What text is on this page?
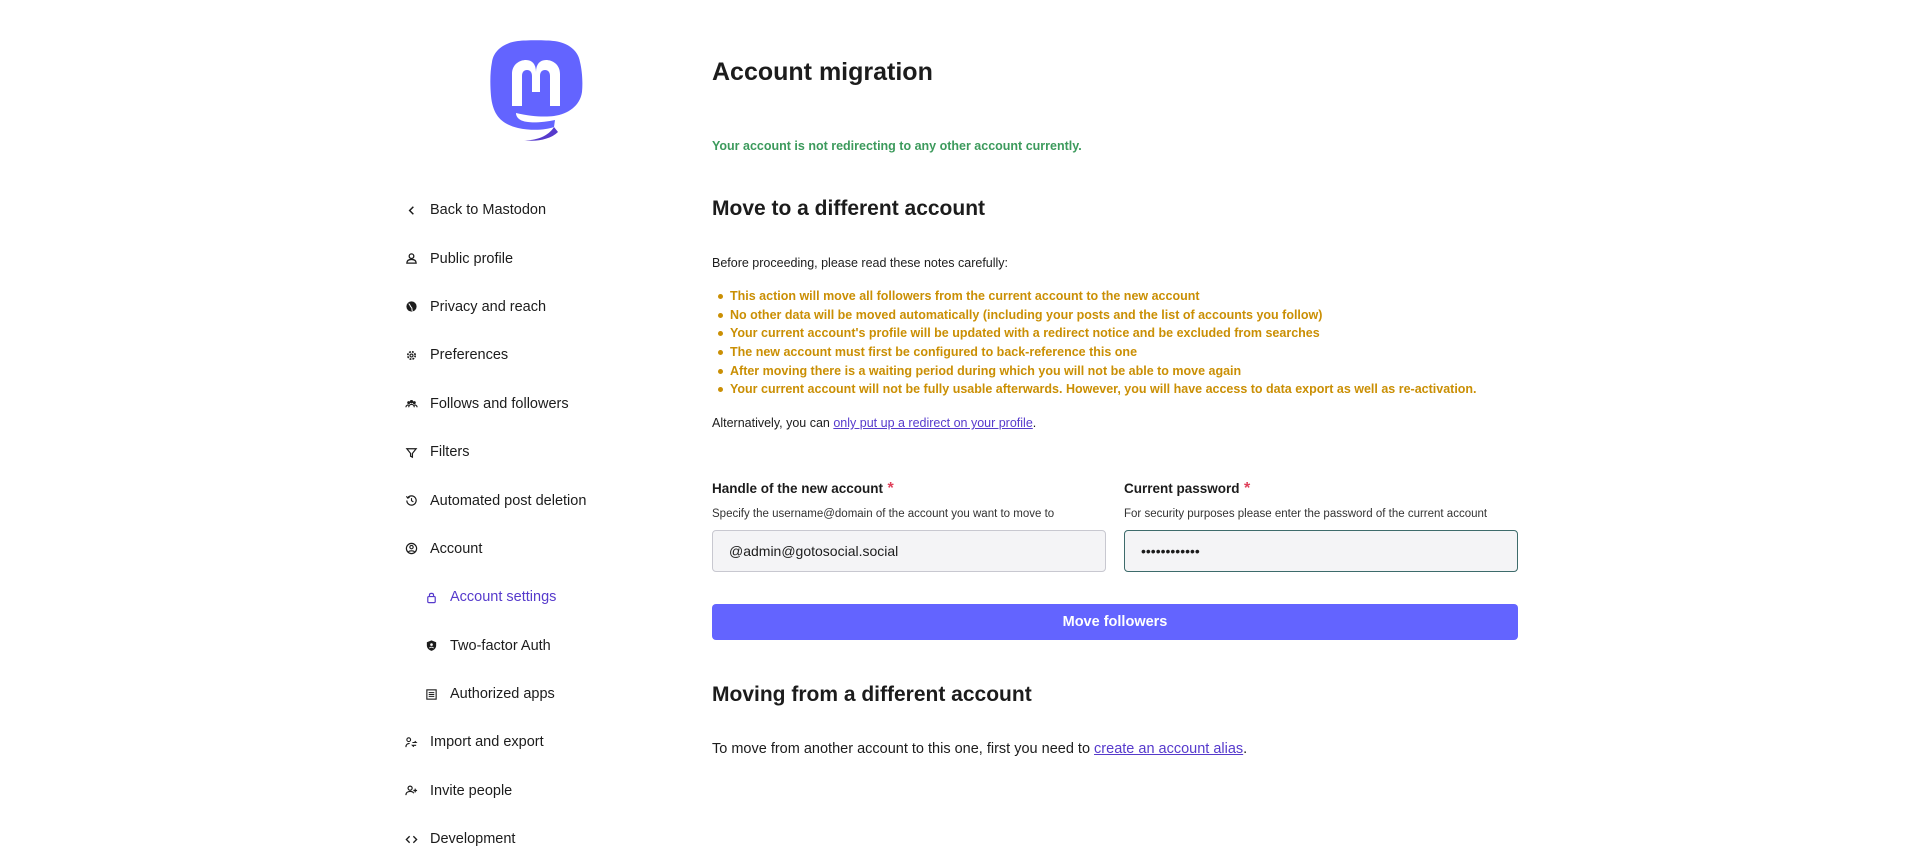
Back to Mastodon
Public profile
Privacy and reach
Preferences
Follows and followers
Filters
Automated post deletion
Account
Account settings
Two-factor Auth
Authorized apps
Import and export
Invite people
Development
Account migration
Your account is not redirecting to any other account currently.
Move to a different account
Before proceeding, please read these notes carefully:
This action will move all followers from the current account to the new account
No other data will be moved automatically (including your posts and the list of accounts you follow)
Your current account's profile will be updated with a redirect notice and be excluded from searches
The new account must first be configured to back-reference this one
After moving there is a waiting period during which you will not be able to move again
Your current account will not be fully usable afterwards. However, you will have access to data export as well as re-activation.
Alternatively, you can only put up a redirect on your profile.
Handle of the new account *
Specify the username@domain of the account you want to move to
@admin@gotosocial.social
Current password *
For security purposes please enter the password of the current account
••••••••••••
Move followers
Moving from a different account
To move from another account to this one, first you need to create an account alias.
